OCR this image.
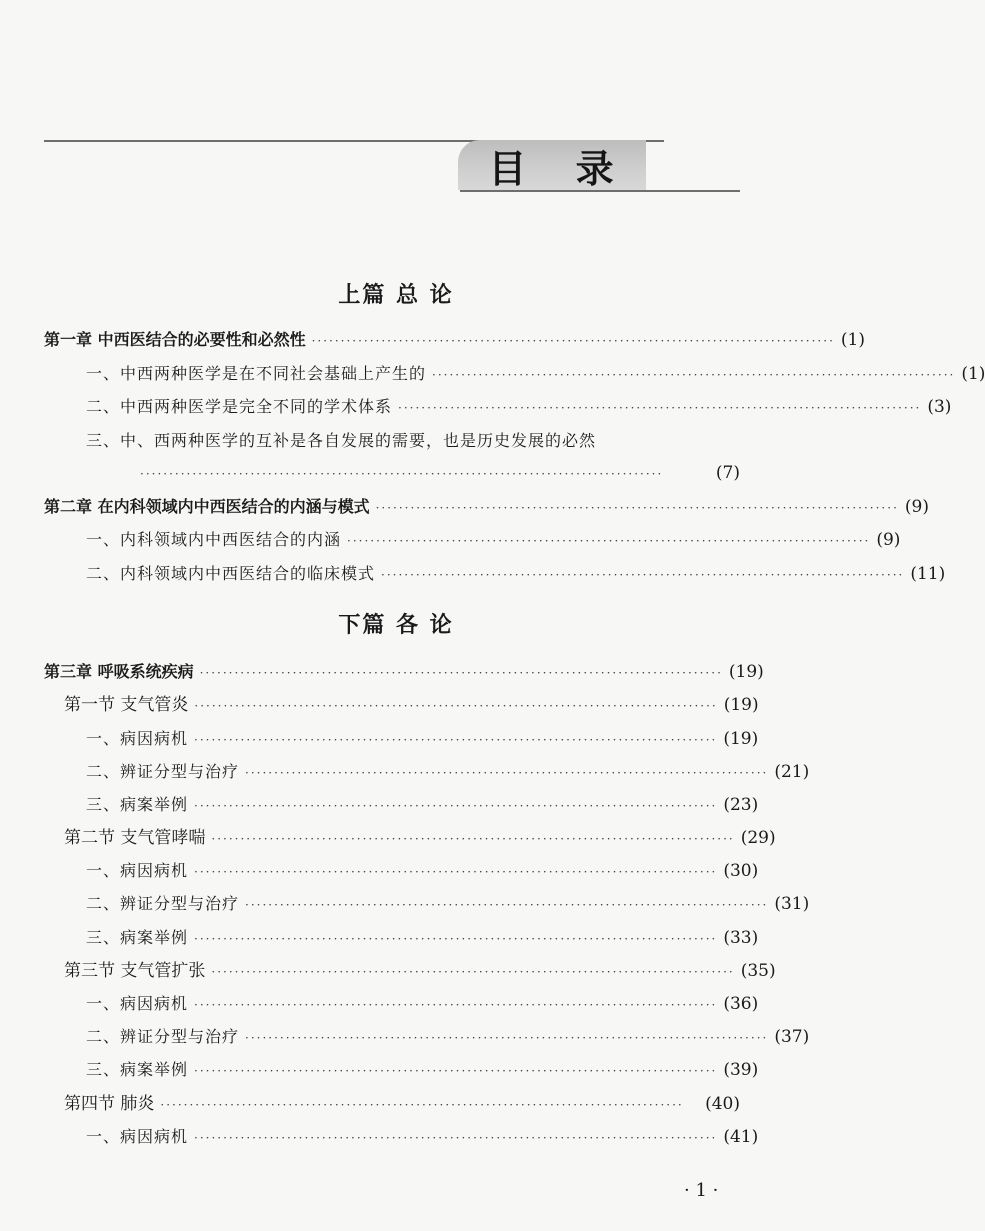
目 录
上篇 总 论
第一章 中西医结合的必要性和必然性 ·························································································· (1)
一、中西两种医学是在不同社会基础上产生的 ·························································································· (1)
二、中西两种医学是完全不同的学术体系 ·························································································· (3)
三、中、西两种医学的互补是各自发展的需要，也是历史发展的必然
··························································································	(7)
第二章 在内科领域内中西医结合的内涵与模式 ·························································································· (9)
一、内科领域内中西医结合的内涵 ·························································································· (9)
二、内科领域内中西医结合的临床模式 ·························································································· (11)
下篇 各 论
第三章 呼吸系统疾病 ·························································································· (19)
第一节 支气管炎 ·························································································· (19)
一、病因病机 ·························································································· (19)
二、辨证分型与治疗 ·························································································· (21)
三、病案举例 ·························································································· (23)
第二节 支气管哮喘 ·························································································· (29)
一、病因病机 ·························································································· (30)
二、辨证分型与治疗 ·························································································· (31)
三、病案举例 ·························································································· (33)
第三节 支气管扩张 ·························································································· (35)
一、病因病机 ·························································································· (36)
二、辨证分型与治疗 ·························································································· (37)
三、病案举例 ·························································································· (39)
第四节 肺炎 ··························································································	(40)
一、病因病机 ·························································································· (41)
· 1 ·
